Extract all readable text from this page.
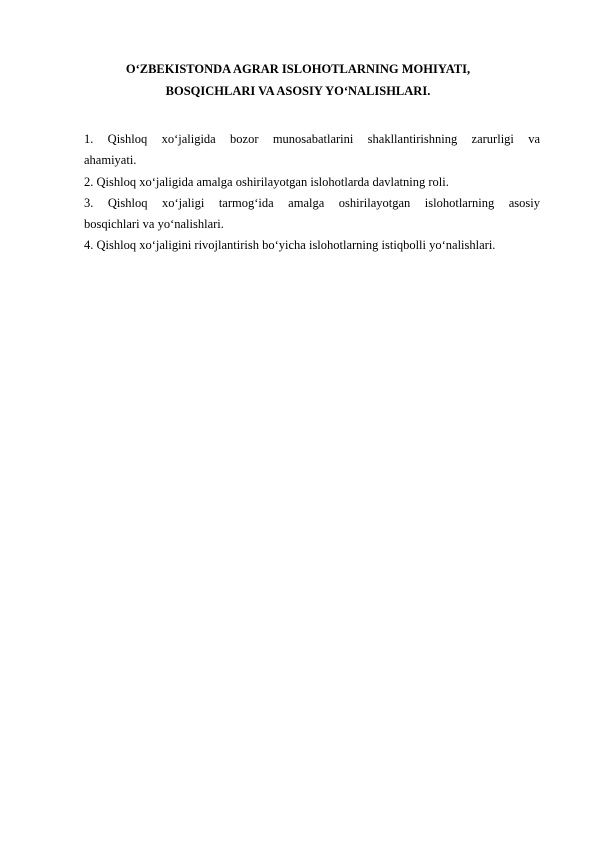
O‘ZBEKISTONDA AGRAR ISLOHOTLARNING MOHIYATI,
BOSQICHLARI VA ASOSIY YO‘NALISHLARI.
1. Qishloq xo‘jaligida bozor munosabatlarini shakllantirishning zarurligi va
ahamiyati.
2. Qishloq xo‘jaligida amalga oshirilayotgan islohotlarda davlatning roli.
3. Qishloq xo‘jaligi tarmog‘ida amalga oshirilayotgan islohotlarning asosiy
bosqichlari va yo‘nalishlari.
4. Qishloq xo‘jaligini rivojlantirish bo‘yicha islohotlarning istiqbolli yo‘nalishlari.
